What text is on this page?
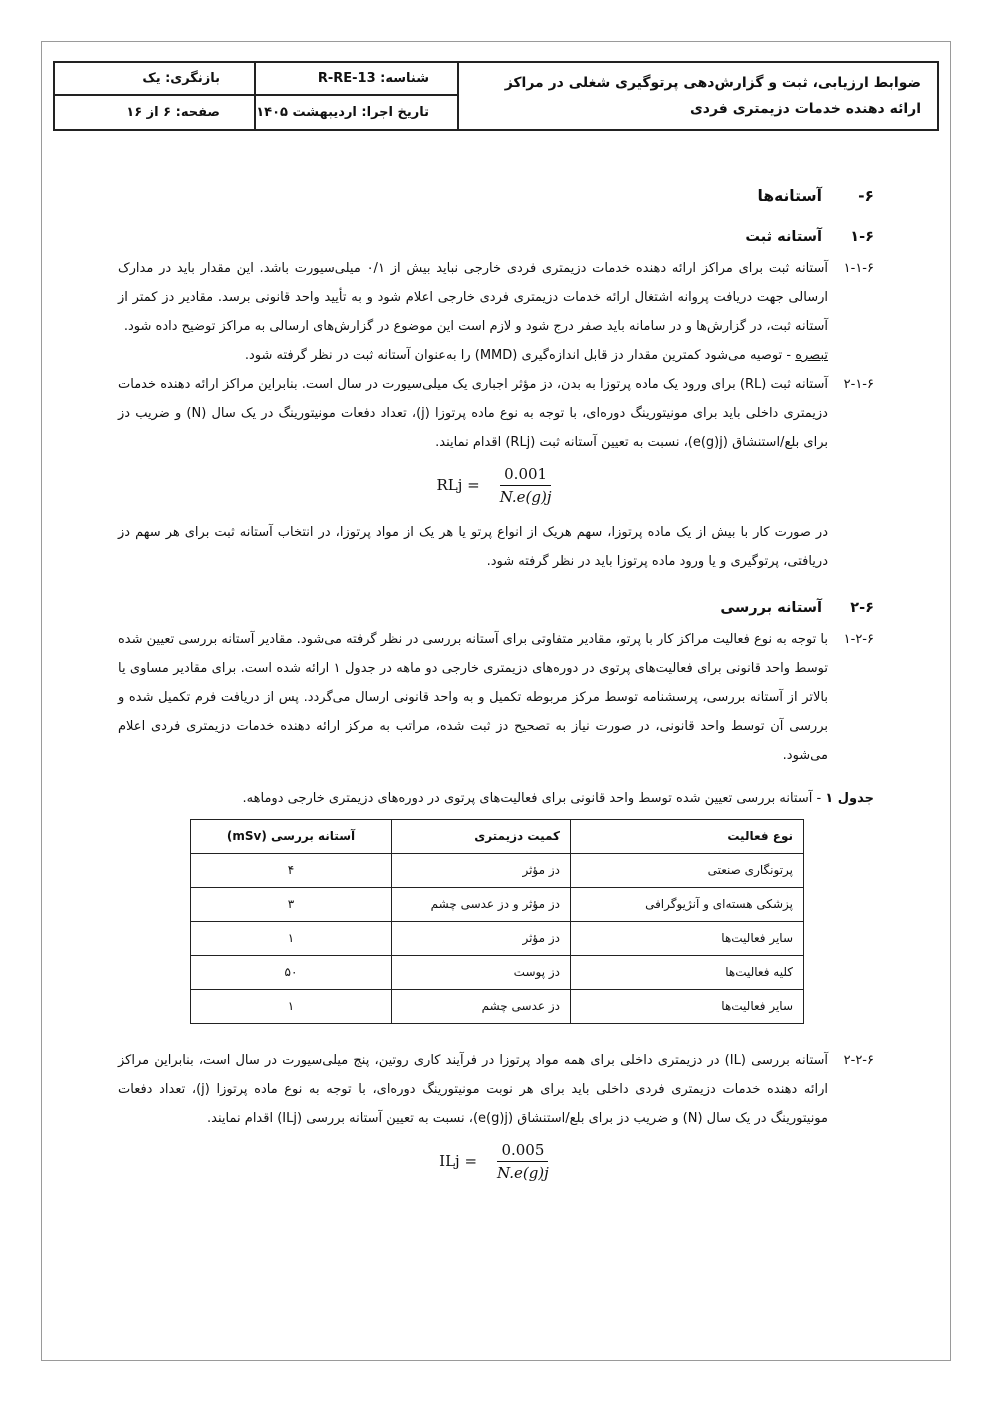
ضوابط ارزیابی، ثبت و گزارش‌دهی پرتوگیری شغلی در مراکز
ارائه دهنده خدمات دزیمتری فردی
شناسه: R-RE-13
بازنگری: یک
تاریخ اجرا: اردیبهشت ۱۴۰۵
صفحه: ۶ از ۱۶
۶-آستانه‌ها
۱-۶آستانه ثبت
۱-۱-۶
آستانه ثبت برای مراکز ارائه دهنده خدمات دزیمتری فردی خارجی نباید بیش از ۰/۱ میلی‌سیورت باشد. این مقدار باید در مدارک ارسالی جهت دریافت پروانه اشتغال ارائه خدمات دزیمتری فردی خارجی اعلام شود و به تأیید واحد قانونی برسد. مقادیر دز کمتر از آستانه ثبت، در گزارش‌ها و در سامانه باید صفر درج شود و لازم است این موضوع در گزارش‌های ارسالی به مراکز توضیح داده شود.
تبصره - توصیه می‌شود کمترین مقدار دز قابل اندازه‌گیری (MMD) را به‌عنوان آستانه ثبت در نظر گرفته شود.
۲-۱-۶
آستانه ثبت (RL) برای ورود یک ماده پرتوزا به بدن، دز مؤثر اجباری یک میلی‌سیورت در سال است. بنابراین مراکز ارائه دهنده خدمات دزیمتری داخلی باید برای مونیتورینگ دوره‌ای، با توجه به نوع ماده پرتوزا (j)، تعداد دفعات مونیتورینگ در یک سال (N) و ضریب دز برای بلع/استنشاق (e(g)j)، نسبت به تعیین آستانه ثبت (RLj) اقدام نمایند.
RLj = $\frac{0.001}{N.e(g)j}$
در صورت کار با بیش از یک ماده پرتوزا، سهم هریک از انواع پرتو یا هر یک از مواد پرتوزا، در انتخاب آستانه ثبت برای هر سهم دز دریافتی، پرتوگیری و یا ورود ماده پرتوزا باید در نظر گرفته شود.
۲-۶آستانه بررسی
۱-۲-۶
با توجه به نوع فعالیت مراکز کار با پرتو، مقادیر متفاوتی برای آستانه بررسی در نظر گرفته می‌شود. مقادیر آستانه بررسی تعیین شده توسط واحد قانونی برای فعالیت‌های پرتوی در دوره‌های دزیمتری خارجی دو ماهه در جدول ۱ ارائه شده است. برای مقادیر مساوی یا بالاتر از آستانه بررسی، پرسشنامه توسط مرکز مربوطه تکمیل و به واحد قانونی ارسال می‌گردد. پس از دریافت فرم تکمیل شده و بررسی آن توسط واحد قانونی، در صورت نیاز به تصحیح دز ثبت شده، مراتب به مرکز ارائه دهنده خدمات دزیمتری فردی اعلام می‌شود.
جدول ۱ - آستانه بررسی تعیین شده توسط واحد قانونی برای فعالیت‌های پرتوی در دوره‌های دزیمتری خارجی دوماهه.
نوع فعالیت	کمیت دزیمتری	آستانه بررسی (mSv)
پرتونگاری صنعتی	دز مؤثر	۴
پزشکی هسته‌ای و آنژیوگرافی	دز مؤثر و دز عدسی چشم	۳
سایر فعالیت‌ها	دز مؤثر	۱
کلیه فعالیت‌ها	دز پوست	۵۰
سایر فعالیت‌ها	دز عدسی چشم	۱
۲-۲-۶
آستانه بررسی (IL) در دزیمتری داخلی برای همه مواد پرتوزا در فرآیند کاری روتین، پنج میلی‌سیورت در سال است، بنابراین مراکز ارائه دهنده خدمات دزیمتری فردی داخلی باید برای هر نوبت مونیتورینگ دوره‌ای، با توجه به نوع ماده پرتوزا (j)، تعداد دفعات مونیتورینگ در یک سال (N) و ضریب دز برای بلع/استنشاق (e(g)j)، نسبت به تعیین آستانه بررسی (ILj) اقدام نمایند.
ILj = $\frac{0.005}{N.e(g)j}$
